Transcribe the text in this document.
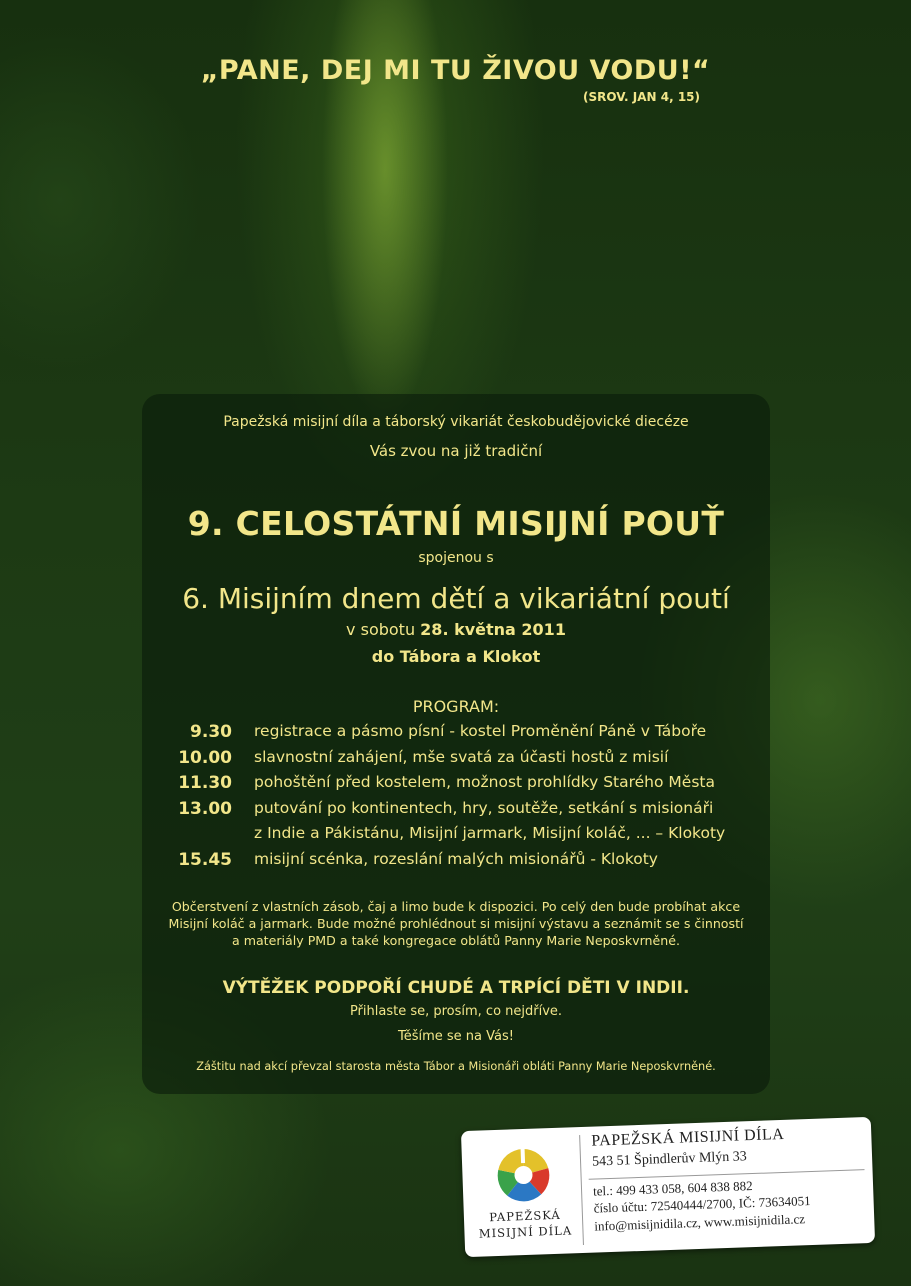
„PANE, DEJ MI TU ŽIVOU VODU!“
(SROV. JAN 4, 15)
Papežská misijní díla a táborský vikariát českobudějovické diecéze
Vás zvou na již tradiční
9. CELOSTÁTNÍ MISIJNÍ POUŤ
spojenou s
6. Misijním dnem dětí a vikariátní poutí
v sobotu 28. května 2011
do Tábora a Klokot
PROGRAM:
9.30 registrace a pásmo písní - kostel Proměnění Páně v Táboře
10.00 slavnostní zahájení, mše svatá za účasti hostů z misií
11.30 pohoštění před kostelem, možnost prohlídky Starého Města
13.00 putování po kontinentech, hry, soutěže, setkání s misionáři
z Indie a Pákistánu, Misijní jarmark, Misijní koláč, ... – Klokoty
15.45 misijní scénka, rozeslání malých misionářů - Klokoty
Občerstvení z vlastních zásob, čaj a limo bude k dispozici. Po celý den bude probíhat akce
Misijní koláč a jarmark. Bude možné prohlédnout si misijní výstavu a seznámit se s činností
a materiály PMD a také kongregace oblátů Panny Marie Neposkvrněné.
VÝTĚŽEK PODPOŘÍ CHUDÉ A TRPÍCÍ DĚTI V INDII.
Přihlaste se, prosím, co nejdříve.
Těšíme se na Vás!
Záštitu nad akcí převzal starosta města Tábor a Misionáři obláti Panny Marie Neposkvrněné.
PAPEŽSKÁ
MISIJNÍ DÍLA
PAPEŽSKÁ MISIJNÍ DÍLA
543 51 Špindlerův Mlýn 33
tel.: 499 433 058, 604 838 882
číslo účtu: 72540444/2700, IČ: 73634051
info@misijnidila.cz, www.misijnidila.cz
